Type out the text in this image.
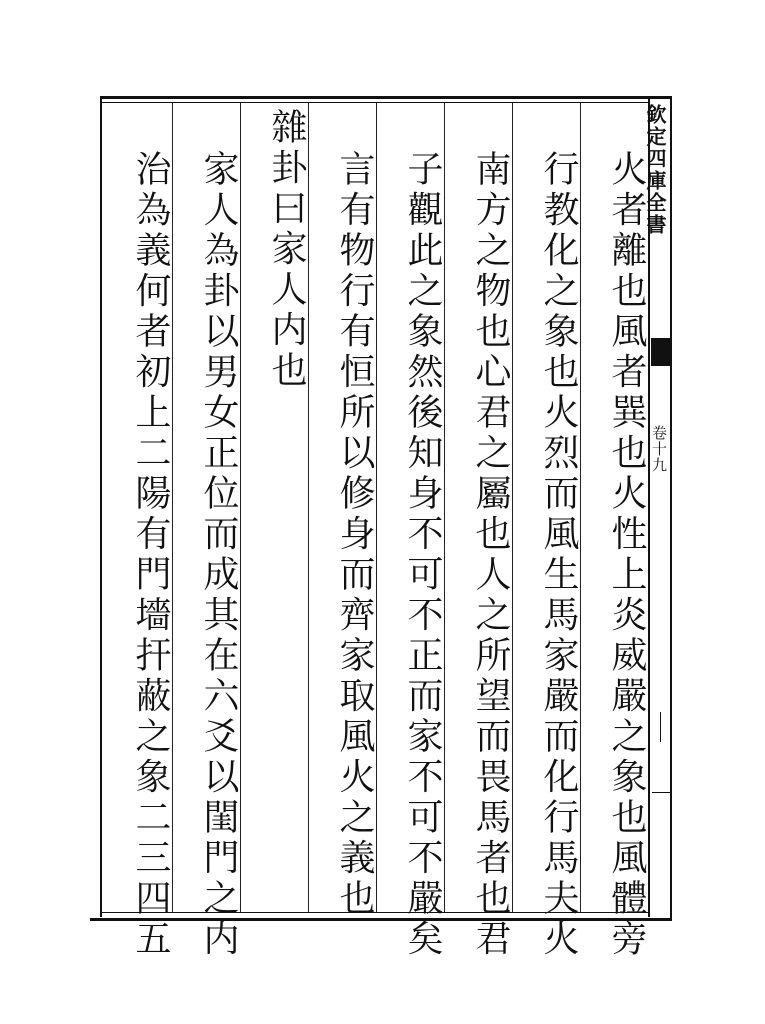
欽定四庫全書
卷十九
火者離也風者巽也火性上炎威嚴之象也風體旁
行教化之象也火烈而風生馬家嚴而化行馬夫火
南方之物也心君之屬也人之所望而畏馬者也君
子觀此之象然後知身不可不正而家不可不嚴矣
言有物行有恒所以修身而齊家取風火之義也
雜卦曰家人内也
家人為卦以男女正位而成其在六爻以閨門之内
治為義何者初上二陽有門墻扞蔽之象二三四五
